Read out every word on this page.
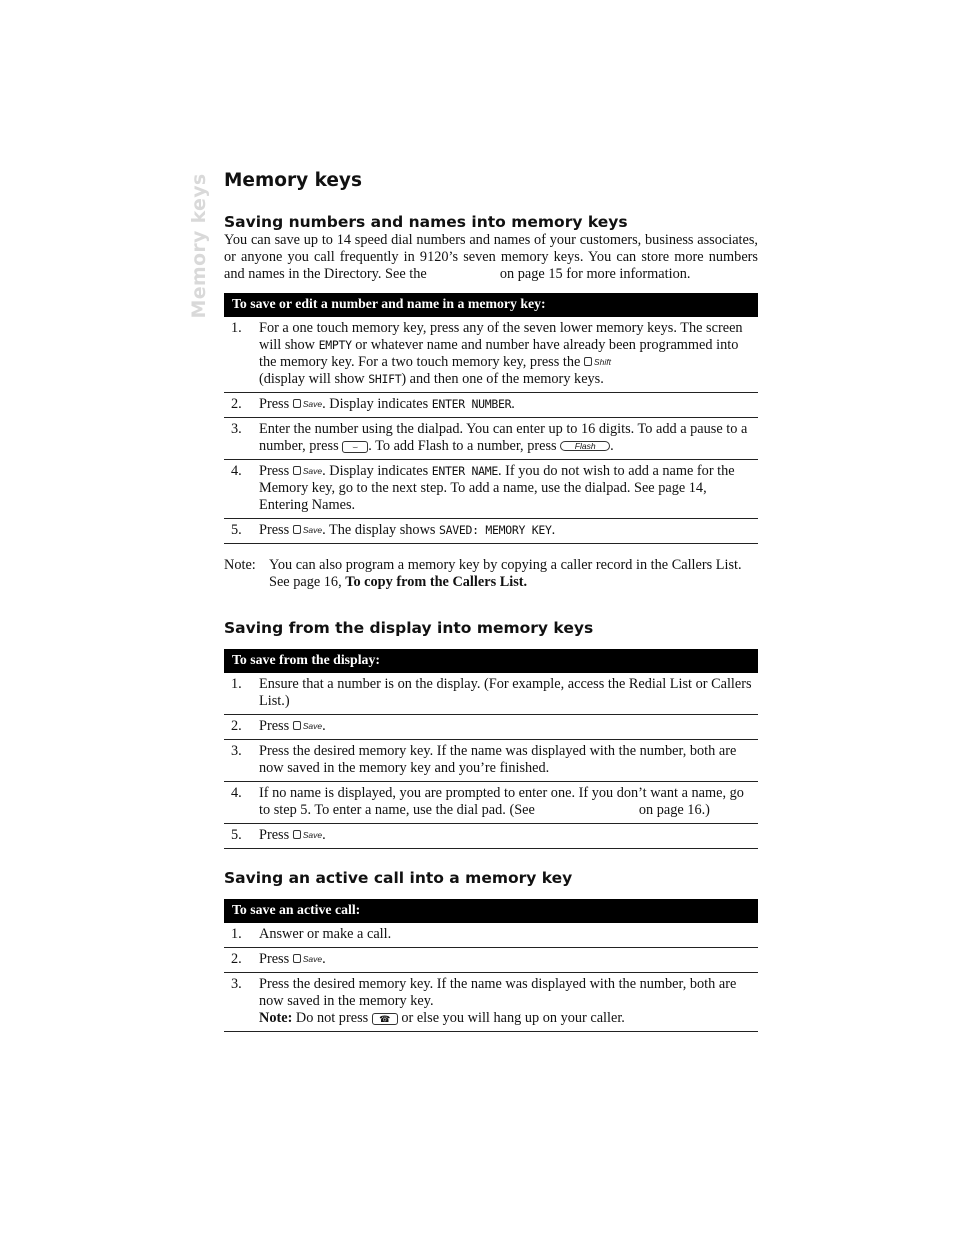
Memory keys Memory keys
Saving numbers and names into memory keys

You can save up to 14 speed dial numbers and names of your customers, business associates, or anyone you call frequently in 9120’s seven memory keys. You can store more numbers and names in the Directory. See the	on page 15 for more information.

To save or edit a number and name in a memory key:
1.	For a one touch memory key, press any of the seven lower memory keys. The screen will show EMPTY or whatever name and number have already been programmed into the memory key. For a two touch memory key, press the Shift
(display will show SHIFT) and then one of the memory keys.
2.	Press Save. Display indicates ENTER NUMBER.
3.	Enter the number using the dialpad. You can enter up to 16 digits. To add a pause to a number, press ⌣ . To add Flash to a number, press Flash .
4.	Press Save. Display indicates ENTER NAME. If you do not wish to add a name for the Memory key, go to the next step. To add a name, use the dialpad. See page 14, Entering Names.
5.	Press Save. The display shows SAVED: MEMORY KEY.
Note: You can also program a memory key by copying a caller record in the Callers List. See page 16, To copy from the Callers List.
Saving from the display into memory keys
To save from the display:
1.	Ensure that a number is on the display. (For example, access the Redial List or Callers List.)
2.	Press Save.
3.	Press the desired memory key. If the name was displayed with the number, both are now saved in the memory key and you’re finished.
4.	If no name is displayed, you are prompted to enter one. If you don’t want a name, go to step 5. To enter a name, use the dial pad. (See	on page 16.)
5.	Press Save.
Saving an active call into a memory key
To save an active call:
1.	Answer or make a call.
2.	Press Save.
3.	Press the desired memory key. If the name was displayed with the number, both are now saved in the memory key.
Note: Do not press ☎ or else you will hang up on your caller.
